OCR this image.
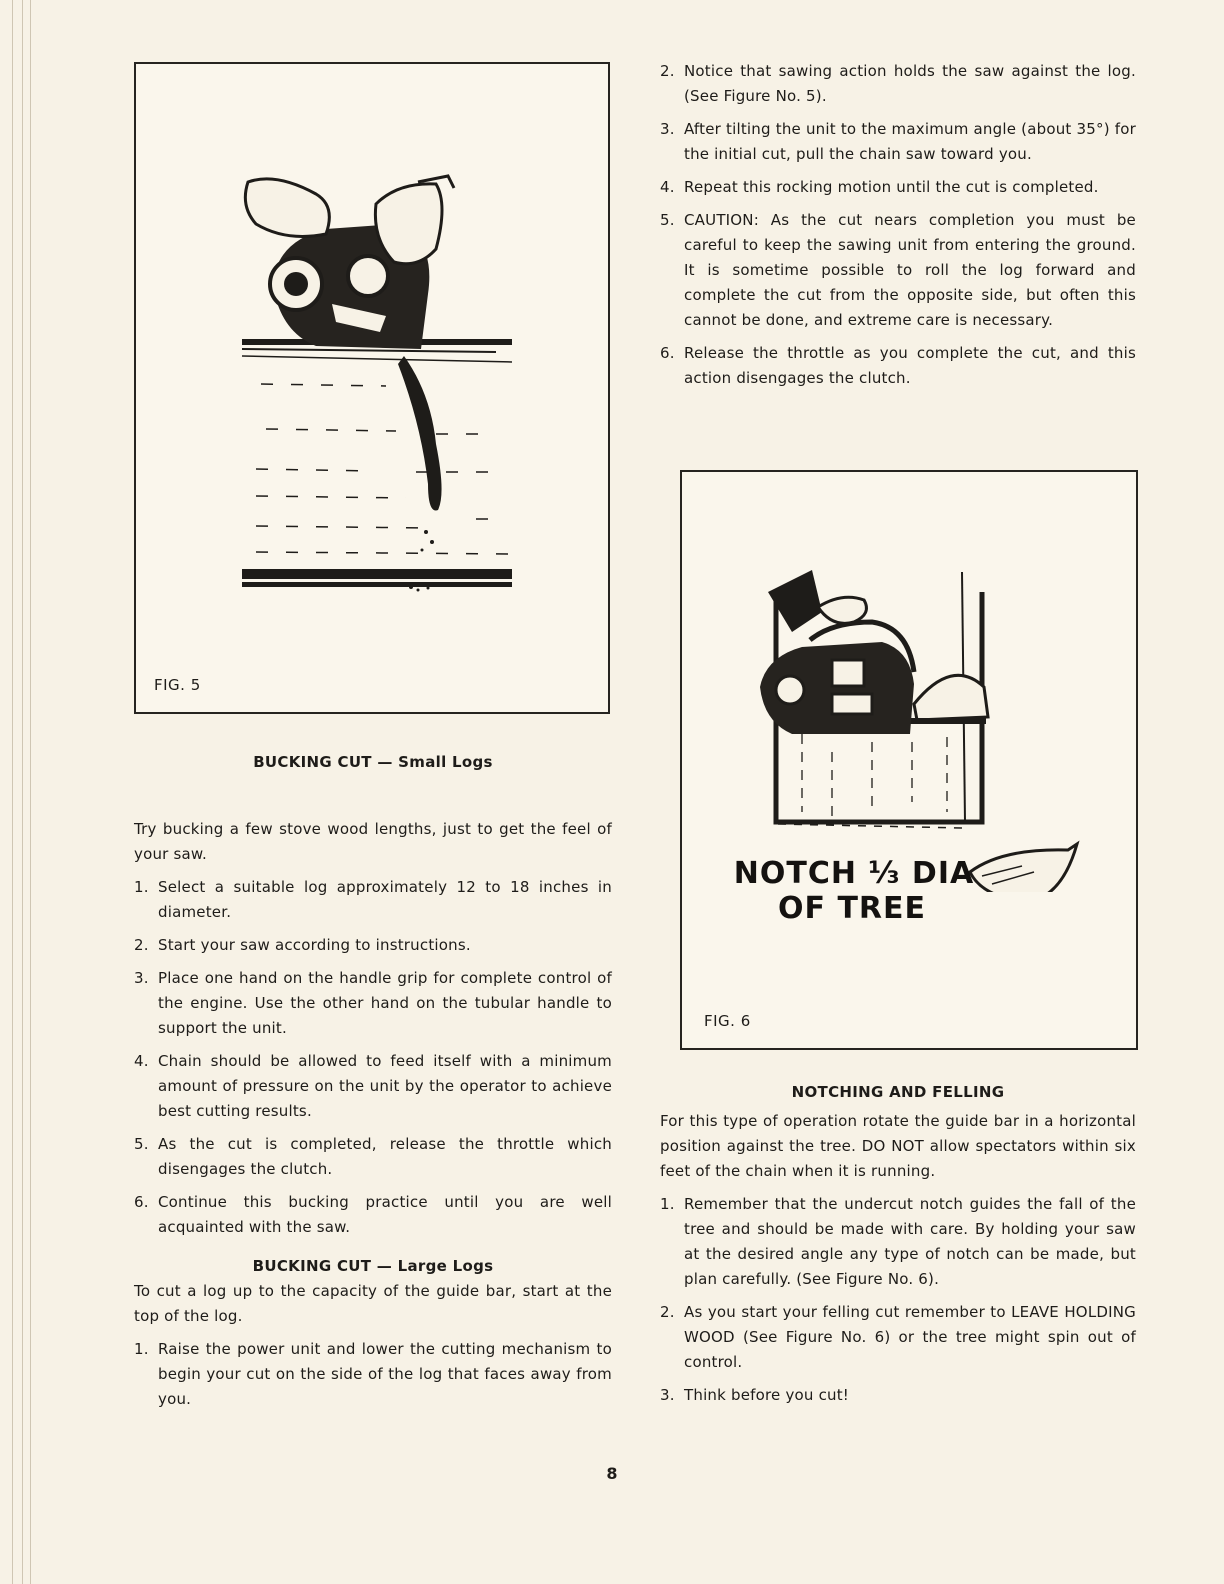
FIG. 5
NOTCH ⅓ DIA
OF TREE
FIG. 6
BUCKING CUT — Small Logs

Try bucking a few stove wood lengths, just to get the feel of your saw.

1. Select a suitable log approximately 12 to 18 inches in diameter.
2. Start your saw according to instructions.
3. Place one hand on the handle grip for complete control of the engine. Use the other hand on the tubular handle to support the unit.
4. Chain should be allowed to feed itself with a minimum amount of pressure on the unit by the operator to achieve best cutting results.
5. As the cut is completed, release the throttle which disengages the clutch.
6. Continue this bucking practice until you are well acquainted with the saw.
BUCKING CUT — Large Logs

To cut a log up to the capacity of the guide bar, start at the top of the log.

1. Raise the power unit and lower the cutting mechanism to begin your cut on the side of the log that faces away from you.
2. Notice that sawing action holds the saw against the log. (See Figure No. 5).
3. After tilting the unit to the maximum angle (about 35°) for the initial cut, pull the chain saw toward you.
4. Repeat this rocking motion until the cut is completed.
5. CAUTION: As the cut nears completion you must be careful to keep the sawing unit from entering the ground. It is sometime possible to roll the log forward and complete the cut from the opposite side, but often this cannot be done, and extreme care is necessary.
6. Release the throttle as you complete the cut, and this action disengages the clutch.
NOTCHING AND FELLING

For this type of operation rotate the guide bar in a horizontal position against the tree. DO NOT allow spectators within six feet of the chain when it is running.

1. Remember that the undercut notch guides the fall of the tree and should be made with care. By holding your saw at the desired angle any type of notch can be made, but plan carefully. (See Figure No. 6).
2. As you start your felling cut remember to LEAVE HOLDING WOOD (See Figure No. 6) or the tree might spin out of control.
3. Think before you cut!
8
